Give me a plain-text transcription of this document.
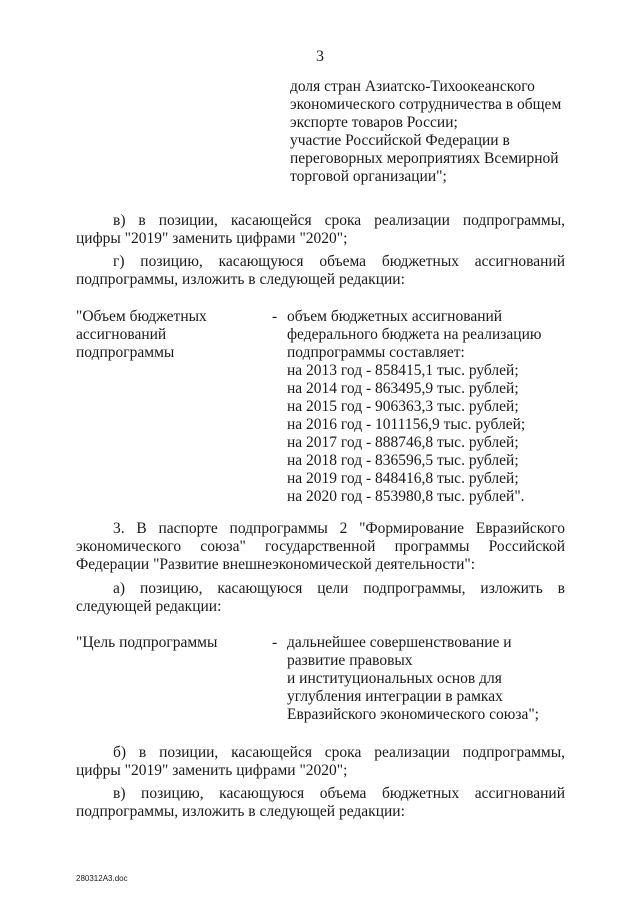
3
доля стран Азиатско-Тихоокеанского
экономического сотрудничества в общем
экспорте товаров России;
участие Российской Федерации в
переговорных мероприятиях Всемирной
торговой организации";
в) в позиции, касающейся срока реализации подпрограммы,
цифры "2019" заменить цифрами "2020";
г) позицию, касающуюся объема бюджетных ассигнований
подпрограммы, изложить в следующей редакции:
"Объем бюджетных
ассигнований
подпрограммы
- объем бюджетных ассигнований
федерального бюджета на реализацию
подпрограммы составляет:
на 2013 год - 858415,1 тыс. рублей;
на 2014 год - 863495,9 тыс. рублей;
на 2015 год - 906363,3 тыс. рублей;
на 2016 год - 1011156,9 тыс. рублей;
на 2017 год - 888746,8 тыс. рублей;
на 2018 год - 836596,5 тыс. рублей;
на 2019 год - 848416,8 тыс. рублей;
на 2020 год - 853980,8 тыс. рублей".
3. В паспорте подпрограммы 2 "Формирование Евразийского
экономического союза" государственной программы Российской
Федерации "Развитие внешнеэкономической деятельности":
а) позицию, касающуюся цели подпрограммы, изложить в
следующей редакции:
"Цель подпрограммы	- дальнейшее совершенствование и
развитие правовых
и институциональных основ для
углубления интеграции в рамках
Евразийского экономического союза";
б) в позиции, касающейся срока реализации подпрограммы,
цифры "2019" заменить цифрами "2020";
в) позицию, касающуюся объема бюджетных ассигнований
подпрограммы, изложить в следующей редакции:
280312А3.doc
